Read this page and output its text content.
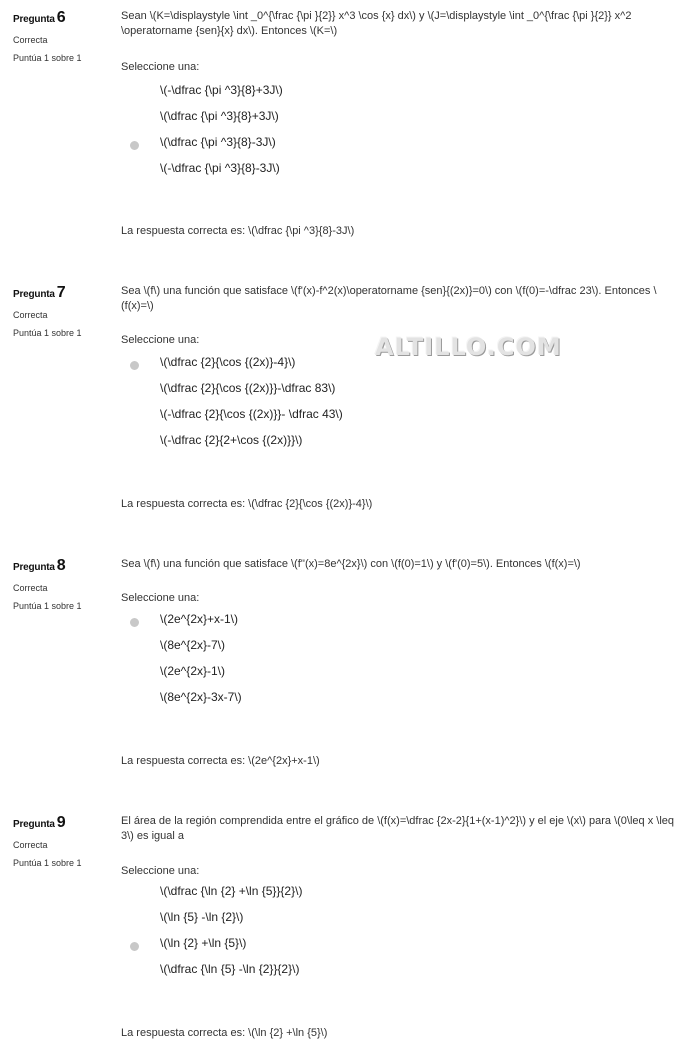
Pregunta 6
Correcta
Puntúa 1 sobre 1

Sean \(K=\displaystyle \int _0^{\frac {\pi }{2}} x^3 \cos {x} dx\) y \(J=\displaystyle \int _0^{\frac {\pi }{2}} x^2 \operatorname {sen}{x} dx\). Entonces \(K=\)

Seleccione una:
\(-\dfrac {\pi ^3}{8}+3J\)
\(\dfrac {\pi ^3}{8}+3J\)
\(\dfrac {\pi ^3}{8}-3J\)
\(-\dfrac {\pi ^3}{8}-3J\)
La respuesta correcta es: \(\dfrac {\pi ^3}{8}-3J\)
Pregunta 7
Correcta
Puntúa 1 sobre 1

Sea \(f\) una función que satisface \(f'(x)-f^2(x)\operatorname {sen}{(2x)}=0\) con \(f(0)=-\dfrac 23\). Entonces \(f(x)=\)

Seleccione una:
\(\dfrac {2}{\cos {(2x)}-4}\)
\(\dfrac {2}{\cos {(2x)}}-\dfrac 83\)
\(-\dfrac {2}{\cos {(2x)}}- \dfrac 43\)
\(-\dfrac {2}{2+\cos {(2x)}}\)
La respuesta correcta es: \(\dfrac {2}{\cos {(2x)}-4}\)
Pregunta 8
Correcta
Puntúa 1 sobre 1

Sea \(f\) una función que satisface \(f''(x)=8e^{2x}\) con \(f(0)=1\) y \(f'(0)=5\). Entonces \(f(x)=\)

Seleccione una:
\(2e^{2x}+x-1\)
\(8e^{2x}-7\)
\(2e^{2x}-1\)
\(8e^{2x}-3x-7\)
La respuesta correcta es: \(2e^{2x}+x-1\)
Pregunta 9
Correcta
Puntúa 1 sobre 1

El área de la región comprendida entre el gráfico de \(f(x)=\dfrac {2x-2}{1+(x-1)^2}\) y el eje \(x\) para \(0\leq x \leq 3\) es igual a

Seleccione una:
\(\dfrac {\ln {2} +\ln {5}}{2}\)
\(\ln {5} -\ln {2}\)
\(\ln {2} +\ln {5}\)
\(\dfrac {\ln {5} -\ln {2}}{2}\)
La respuesta correcta es: \(\ln {2} +\ln {5}\)
ALTILLO.COM
